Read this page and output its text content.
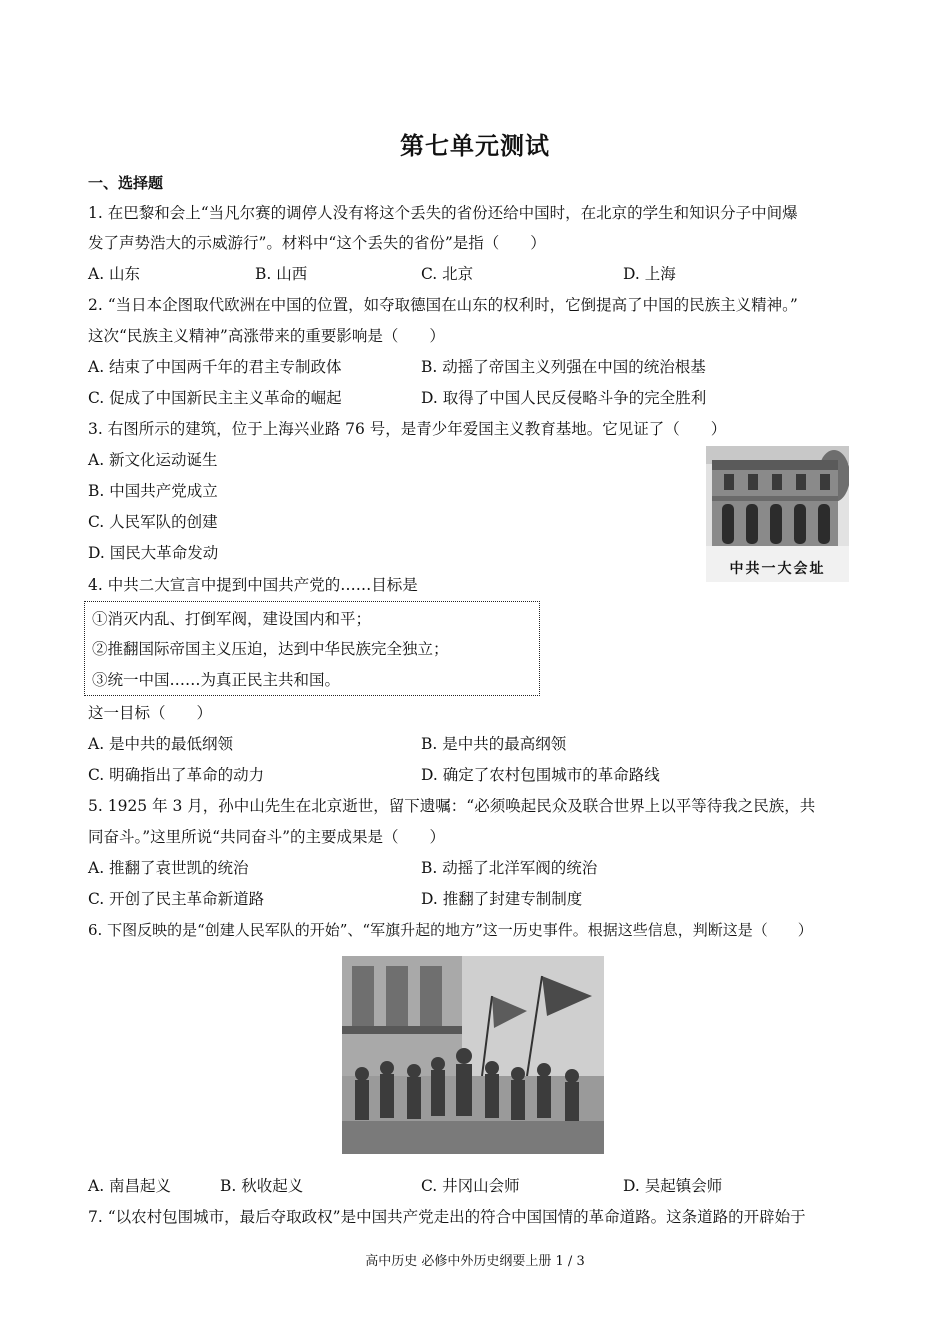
第七单元测试
一、选择题
1. 在巴黎和会上“当凡尔赛的调停人没有将这个丢失的省份还给中国时，在北京的学生和知识分子中间爆
发了声势浩大的示威游行”。材料中“这个丢失的省份”是指（　　）
A. 山东	B. 山西	C. 北京	D. 上海
2. “当日本企图取代欧洲在中国的位置，如夺取德国在山东的权利时，它倒提高了中国的民族主义精神。”
这次“民族主义精神”高涨带来的重要影响是（　　）
A. 结束了中国两千年的君主专制政体	B. 动摇了帝国主义列强在中国的统治根基
C. 促成了中国新民主主义革命的崛起	D. 取得了中国人民反侵略斗争的完全胜利
3. 右图所示的建筑，位于上海兴业路 76 号，是青少年爱国主义教育基地。它见证了（　　）
A. 新文化运动诞生
B. 中国共产党成立
C. 人民军队的创建
D. 国民大革命发动
中共一大会址
4. 中共二大宣言中提到中国共产党的……目标是
①消灭内乱、打倒军阀，建设国内和平；
②推翻国际帝国主义压迫，达到中华民族完全独立；
③统一中国……为真正民主共和国。
这一目标（　　）
A. 是中共的最低纲领	B. 是中共的最高纲领
C. 明确指出了革命的动力	D. 确定了农村包围城市的革命路线
5. 1925 年 3 月，孙中山先生在北京逝世，留下遗嘱：“必须唤起民众及联合世界上以平等待我之民族，共
同奋斗。”这里所说“共同奋斗”的主要成果是（　　）
A. 推翻了袁世凯的统治	B. 动摇了北洋军阀的统治
C. 开创了民主革命新道路	D. 推翻了封建专制制度
6. 下图反映的是“创建人民军队的开始”、“军旗升起的地方”这一历史事件。根据这些信息，判断这是（　　）
A. 南昌起义	B. 秋收起义	C. 井冈山会师	D. 吴起镇会师
7. “以农村包围城市，最后夺取政权”是中国共产党走出的符合中国国情的革命道路。这条道路的开辟始于
高中历史 必修中外历史纲要上册 1 / 3
